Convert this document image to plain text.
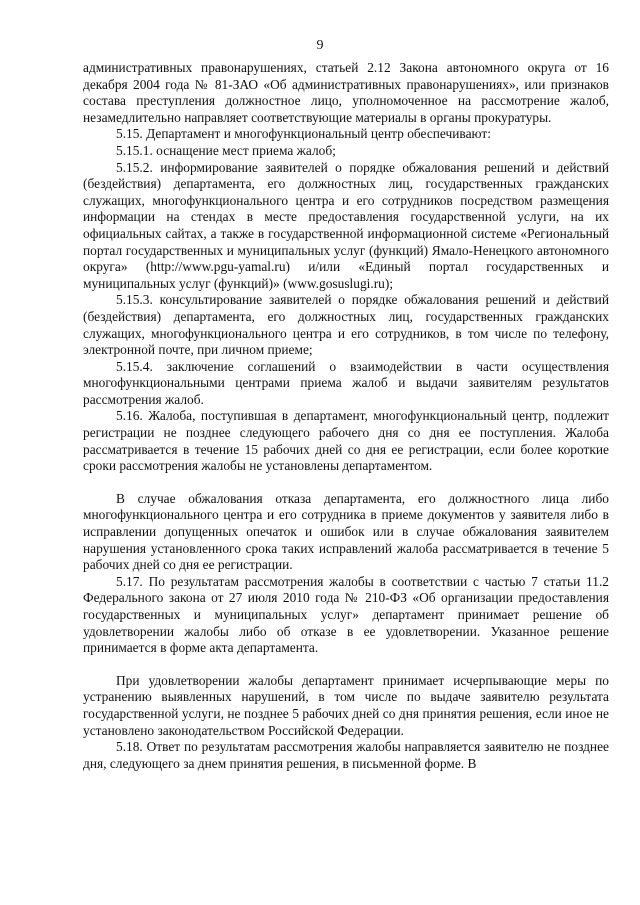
9

административных правонарушениях, статьей 2.12 Закона автономного округа от 16 декабря 2004 года № 81-ЗАО «Об административных правонарушениях», или признаков состава преступления должностное лицо, уполномоченное на рассмотрение жалоб, незамедлительно направляет соответствующие материалы в органы прокуратуры.

5.15. Департамент и многофункциональный центр обеспечивают:

5.15.1. оснащение мест приема жалоб;

5.15.2. информирование заявителей о порядке обжалования решений и действий (бездействия) департамента, его должностных лиц, государственных гражданских служащих, многофункционального центра и его сотрудников посредством размещения информации на стендах в месте предоставления государственной услуги, на их официальных сайтах, а также в государственной информационной системе «Региональный портал государственных и муниципальных услуг (функций) Ямало-Ненецкого автономного округа» (http://www.pgu-yamal.ru) и/или «Единый портал государственных и муниципальных услуг (функций)» (www.gosuslugi.ru);

5.15.3. консультирование заявителей о порядке обжалования решений и действий (бездействия) департамента, его должностных лиц, государственных гражданских служащих, многофункционального центра и его сотрудников, в том числе по телефону, электронной почте, при личном приеме;

5.15.4. заключение соглашений о взаимодействии в части осуществления многофункциональными центрами приема жалоб и выдачи заявителям результатов рассмотрения жалоб.

5.16. Жалоба, поступившая в департамент, многофункциональный центр, подлежит регистрации не позднее следующего рабочего дня со дня ее поступления. Жалоба рассматривается в течение 15 рабочих дней со дня ее регистрации, если более короткие сроки рассмотрения жалобы не установлены департаментом.

В случае обжалования отказа департамента, его должностного лица либо многофункционального центра и его сотрудника в приеме документов у заявителя либо в исправлении допущенных опечаток и ошибок или в случае обжалования заявителем нарушения установленного срока таких исправлений жалоба рассматривается в течение 5 рабочих дней со дня ее регистрации.

5.17. По результатам рассмотрения жалобы в соответствии с частью 7 статьи 11.2 Федерального закона от 27 июля 2010 года № 210-ФЗ «Об организации предоставления государственных и муниципальных услуг» департамент принимает решение об удовлетворении жалобы либо об отказе в ее удовлетворении. Указанное решение принимается в форме акта департамента.

При удовлетворении жалобы департамент принимает исчерпывающие меры по устранению выявленных нарушений, в том числе по выдаче заявителю результата государственной услуги, не позднее 5 рабочих дней со дня принятия решения, если иное не установлено законодательством Российской Федерации.

5.18. Ответ по результатам рассмотрения жалобы направляется заявителю не позднее дня, следующего за днем принятия решения, в письменной форме. В
